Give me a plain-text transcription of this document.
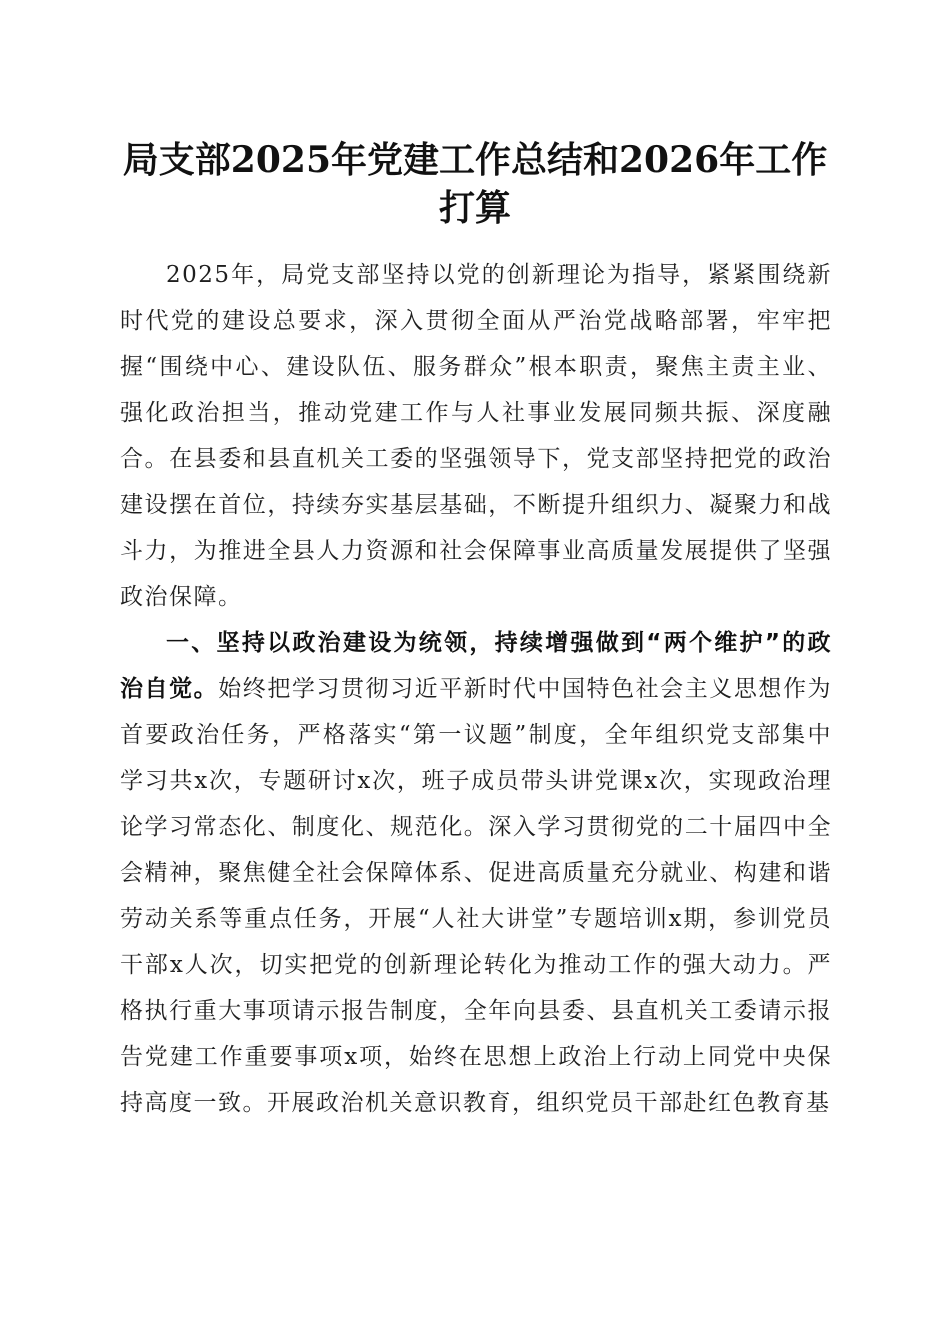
局支部2025年党建工作总结和2026年工作打算

2025年，局党支部坚持以党的创新理论为指导，紧紧围绕新时代党的建设总要求，深入贯彻全面从严治党战略部署，牢牢把握“围绕中心、建设队伍、服务群众”根本职责，聚焦主责主业、强化政治担当，推动党建工作与人社事业发展同频共振、深度融合。在县委和县直机关工委的坚强领导下，党支部坚持把党的政治建设摆在首位，持续夯实基层基础，不断提升组织力、凝聚力和战斗力，为推进全县人力资源和社会保障事业高质量发展提供了坚强政治保障。

一、坚持以政治建设为统领，持续增强做到“两个维护”的政治自觉。始终把学习贯彻习近平新时代中国特色社会主义思想作为首要政治任务，严格落实“第一议题”制度，全年组织党支部集中学习共x次，专题研讨x次，班子成员带头讲党课x次，实现政治理论学习常态化、制度化、规范化。深入学习贯彻党的二十届四中全会精神，聚焦健全社会保障体系、促进高质量充分就业、构建和谐劳动关系等重点任务，开展“人社大讲堂”专题培训x期，参训党员干部x人次，切实把党的创新理论转化为推动工作的强大动力。严格执行重大事项请示报告制度，全年向县委、县直机关工委请示报告党建工作重要事项x项，始终在思想上政治上行动上同党中央保持高度一致。开展政治机关意识教育，组织党员干部赴红色教育基
